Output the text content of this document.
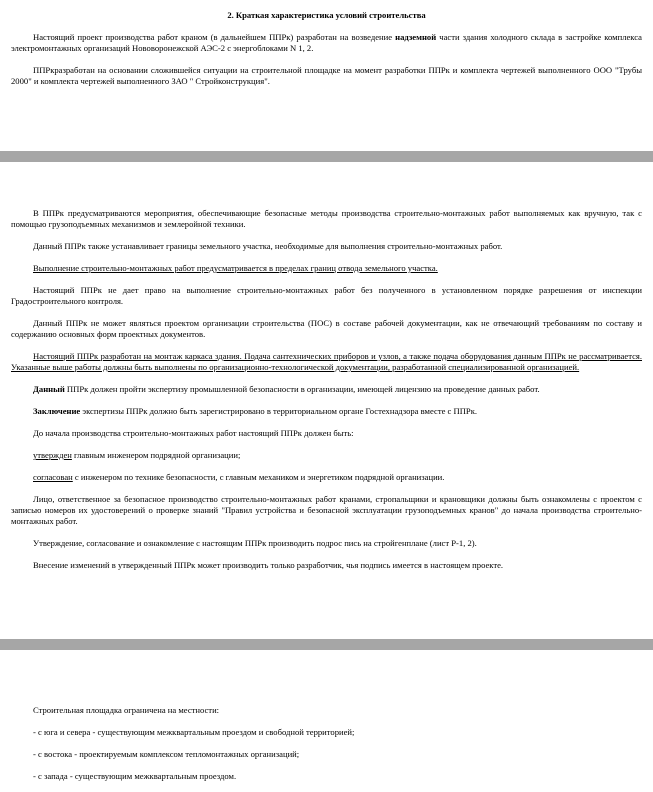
2. Краткая характеристика условий строительства

Настоящий проект производства работ краном (в дальнейшем ППРк) разработан на возведение надземной части здания холодного склада в застройке комплекса электромонтажных организаций Нововоронежской АЭС-2 с энергоблоками N 1, 2.

ППРкразработан на основании сложившейся ситуации на строительной площадке на момент разработки ППРк и комплекта чертежей выполненного ООО "Трубы 2000" и комплекта чертежей выполненного ЗАО " Стройконструкция".

В ППРк предусматриваются мероприятия, обеспечивающие безопасные методы производства строительно-монтажных работ выполняемых как вручную, так с помощью грузоподъемных механизмов и землеройной техники.

Данный ППРк также устанавливает границы земельного участка, необходимые для выполнения строительно-монтажных работ.

Выполнение строительно-монтажных работ предусматривается в пределах границ отвода земельного участка.

Настоящий ППРк не дает право на выполнение строительно-монтажных работ без полученного в установленном порядке разрешения от инспекции Градостроительного контроля.

Данный ППРк не может являться проектом организации строительства (ПОС) в составе рабочей документации, как не отвечающий требованиям по составу и содержанию основных форм проектных документов.

Настоящий ППРк разработан на монтаж каркаса здания. Подача сантехнических приборов и узлов, а также подача оборудования данным ППРк не рассматривается. Указанные выше работы должны быть выполнены по организационно-технологической документации, разработанной специализированной организацией.

Данный ППРк должен пройти экспертизу промышленной безопасности в организации, имеющей лицензию на проведение данных работ.

Заключение экспертизы ППРк должно быть зарегистрировано в территориальном органе Гостехнадзора вместе с ППРк.

До начала производства строительно-монтажных работ настоящий ППРк должен быть:

утвержден главным инженером подрядной организации;

согласован с инженером по технике безопасности, с главным механиком и энергетиком подрядной организации.

Лицо, ответственное за безопасное производство строительно-монтажных работ кранами, стропальщики и крановщики должны быть ознакомлены с проектом с записью номеров их удостоверений о проверке знаний "Правил устройства и безопасной эксплуатации грузоподъемных кранов" до начала производства строительно-монтажных работ.

Утверждение, согласование и ознакомление с настоящим ППРк производить подрос пись на стройгенплане (лист Р-1, 2).

Внесение изменений в утвержденный ППРк может производить только разработчик, чья подпись имеется в настоящем проекте.

Строительная площадка ограничена на местности:

- с юга и севера - существующим межквартальным проездом и свободной территорией;

- с востока - проектируемым комплексом тепломонтажных организаций;

- с запада - существующим межквартальным проездом.
